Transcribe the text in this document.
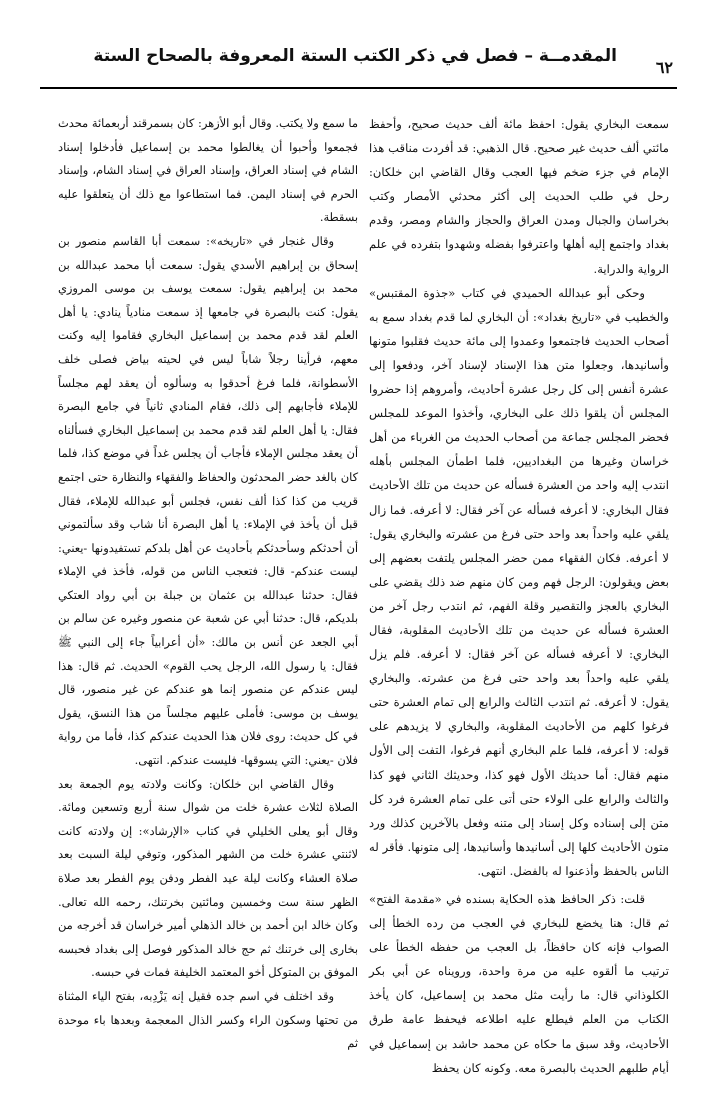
٦٢
المقدمــة – فصل في ذكر الكتب الستة المعروفة بالصحاح الستة

سمعت البخاري يقول: احفظ مائة ألف حديث صحيح، وأحفظ مائتي ألف حديث غير صحيح. قال الذهبي: قد أفردت مناقب هذا الإمام في جزء ضخم فيها العجب وقال القاضي ابن خلكان: رحل في طلب الحديث إلى أكثر محدثي الأمصار وكتب بخراسان والجبال ومدن العراق والحجاز والشام ومصر، وقدم بغداد واجتمع إليه أهلها واعترفوا بفضله وشهدوا بتفرده في علم الرواية والدراية.

وحكى أبو عبدالله الحميدي في كتاب «جذوة المقتبس» والخطيب في «تاريخ بغداد»: أن البخاري لما قدم بغداد سمع به أصحاب الحديث فاجتمعوا وعمدوا إلى مائة حديث فقلبوا متونها وأسانيدها، وجعلوا متن هذا الإسناد لإسناد آخر، ودفعوا إلى عشرة أنفس إلى كل رجل عشرة أحاديث، وأمروهم إذا حضروا المجلس أن يلقوا ذلك على البخاري، وأخذوا الموعد للمجلس فحضر المجلس جماعة من أصحاب الحديث من الغرباء من أهل خراسان وغيرها من البغداديين، فلما اطمأن المجلس بأهله انتدب إليه واحد من العشرة فسأله عن حديث من تلك الأحاديث فقال البخاري: لا أعرفه فسأله عن آخر فقال: لا أعرفه. فما زال يلقي عليه واحداً بعد واحد حتى فرغ من عشرته والبخاري يقول: لا أعرفه. فكان الفقهاء ممن حضر المجلس يلتفت بعضهم إلى بعض ويقولون: الرجل فهم ومن كان منهم ضد ذلك يقضي على البخاري بالعجز والتقصير وقلة الفهم، ثم انتدب رجل آخر من العشرة فسأله عن حديث من تلك الأحاديث المقلوبة، فقال البخاري: لا أعرفه فسأله عن آخر فقال: لا أعرفه. فلم يزل يلقي عليه واحداً بعد واحد حتى فرغ من عشرته. والبخاري يقول: لا أعرفه. ثم انتدب الثالث والرابع إلى تمام العشرة حتى فرغوا كلهم من الأحاديث المقلوبة، والبخاري لا يزيدهم على قوله: لا أعرفه، فلما علم البخاري أنهم فرغوا، التفت إلى الأول منهم فقال: أما حديثك الأول فهو كذا، وحديثك الثاني فهو كذا والثالث والرابع على الولاء حتى أتى على تمام العشرة فرد كل متن إلى إسناده وكل إسناد إلى متنه وفعل بالآخرين كذلك ورد متون الأحاديث كلها إلى أسانيدها وأسانيدها، إلى متونها. فأقر له الناس بالحفظ وأذعنوا له بالفضل. انتهى.

قلت: ذكر الحافظ هذه الحكاية بسنده في «مقدمة الفتح» ثم قال: هنا يخضع للبخاري في العجب من رده الخطأ إلى الصواب فإنه كان حافظاً، بل العجب من حفظه الخطأ على ترتيب ما ألقوه عليه من مرة واحدة، ورويناه عن أبي بكر الكلوذاني قال: ما رأيت مثل محمد بن إسماعيل، كان يأخذ الكتاب من العلم فيطلع عليه اطلاعه فيحفظ عامة طرق الأحاديث، وقد سبق ما حكاه عن محمد حاشد بن إسماعيل في أيام طلبهم الحديث بالبصرة معه. وكونه كان يحفظ

ما سمع ولا يكتب. وقال أبو الأزهر: كان بسمرقند أربعمائة محدث فجمعوا وأحبوا أن يغالطوا محمد بن إسماعيل فأدخلوا إسناد الشام في إسناد العراق، وإسناد العراق في إسناد الشام، وإسناد الحرم في إسناد اليمن. فما استطاعوا مع ذلك أن يتعلقوا عليه بسقطة.

وقال غنجار في «تاريخه»: سمعت أبا القاسم منصور بن إسحاق بن إبراهيم الأسدي يقول: سمعت أبا محمد عبدالله بن محمد بن إبراهيم يقول: سمعت يوسف بن موسى المروزي يقول: كنت بالبصرة في جامعها إذ سمعت منادياً ينادي: يا أهل العلم لقد قدم محمد بن إسماعيل البخاري فقاموا إليه وكنت معهم، فرأينا رجلاً شاباً ليس في لحيته بياض فصلى خلف الأسطوانة، فلما فرغ أحدقوا به وسألوه أن يعقد لهم مجلساً للإملاء فأجابهم إلى ذلك، فقام المنادي ثانياً في جامع البصرة فقال: يا أهل العلم لقد قدم محمد بن إسماعيل البخاري فسألناه أن يعقد مجلس الإملاء فأجاب أن يجلس غداً في موضع كذا، فلما كان بالغد حضر المحدثون والحفاظ والفقهاء والنظارة حتى اجتمع قريب من كذا كذا ألف نفس، فجلس أبو عبدالله للإملاء، فقال قبل أن يأخذ في الإملاء: يا أهل البصرة أنا شاب وقد سألتموني أن أحدثكم وسأحدثكم بأحاديث عن أهل بلدكم تستفيدونها -يعني: ليست عندكم- قال: فتعجب الناس من قوله، فأخذ في الإملاء فقال: حدثنا عبدالله بن عثمان بن جبلة بن أبي رواد العتكي بلديكم، قال: حدثنا أبي عن شعبة عن منصور وغيره عن سالم بن أبي الجعد عن أنس بن مالك: «أن أعرابياً جاء إلى النبي ﷺ فقال: يا رسول الله، الرجل يحب القوم» الحديث. ثم قال: هذا ليس عندكم عن منصور إنما هو عندكم عن غير منصور، قال يوسف بن موسى: فأملى عليهم مجلساً من هذا النسق، يقول في كل حديث: روى فلان هذا الحديث عندكم كذا، فأما من رواية فلان -يعني: التي يسوقها- فليست عندكم. انتهى.

وقال القاضي ابن خلكان: وكانت ولادته يوم الجمعة بعد الصلاة لثلاث عشرة خلت من شوال سنة أربع وتسعين ومائة. وقال أبو يعلى الخليلي في كتاب «الإرشاد»: إن ولادته كانت لاثنتي عشرة خلت من الشهر المذكور، وتوفي ليلة السبت بعد صلاة العشاء وكانت ليلة عيد الفطر ودفن يوم الفطر بعد صلاة الظهر سنة ست وخمسين ومائتين بخرتنك، رحمه الله تعالى. وكان خالد ابن أحمد بن خالد الذهلي أمير خراسان قد أخرجه من بخارى إلى خرتنك ثم حج خالد المذكور فوصل إلى بغداد فحبسه الموفق بن المتوكل أخو المعتمد الخليفة فمات في حبسه.

وقد اختلف في اسم جده فقيل إنه يَزْدِبه، بفتح الياء المثناة من تحتها وسكون الراء وكسر الذال المعجمة وبعدها باء موحدة ثم
